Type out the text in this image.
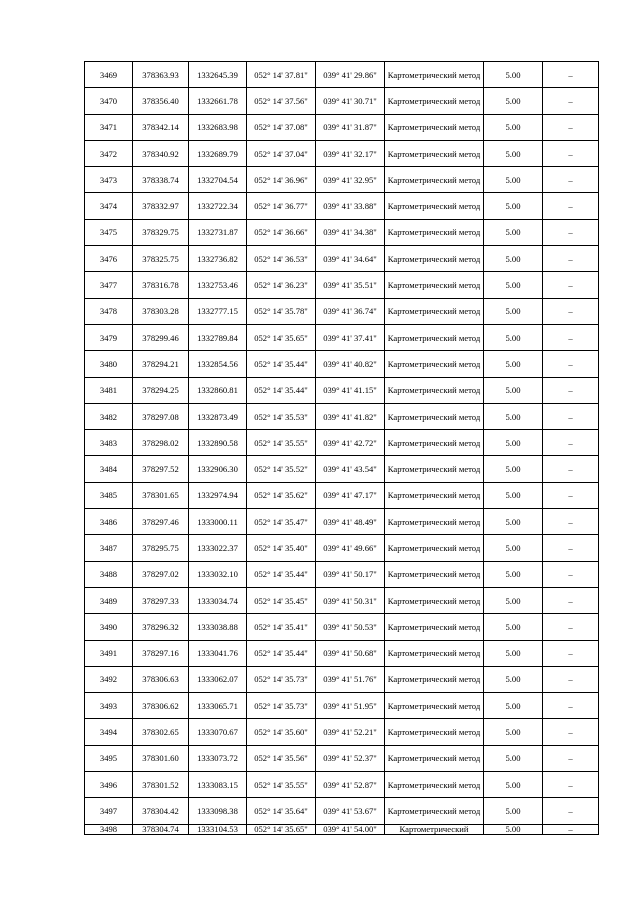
3469	378363.93	1332645.39	052° 14' 37.81"	039° 41' 29.86"	Картометрический метод	5.00	–
3470	378356.40	1332661.78	052° 14' 37.56"	039° 41' 30.71"	Картометрический метод	5.00	–
3471	378342.14	1332683.98	052° 14' 37.08"	039° 41' 31.87"	Картометрический метод	5.00	–
3472	378340.92	1332689.79	052° 14' 37.04"	039° 41' 32.17"	Картометрический метод	5.00	–
3473	378338.74	1332704.54	052° 14' 36.96"	039° 41' 32.95"	Картометрический метод	5.00	–
3474	378332.97	1332722.34	052° 14' 36.77"	039° 41' 33.88"	Картометрический метод	5.00	–
3475	378329.75	1332731.87	052° 14' 36.66"	039° 41' 34.38"	Картометрический метод	5.00	–
3476	378325.75	1332736.82	052° 14' 36.53"	039° 41' 34.64"	Картометрический метод	5.00	–
3477	378316.78	1332753.46	052° 14' 36.23"	039° 41' 35.51"	Картометрический метод	5.00	–
3478	378303.28	1332777.15	052° 14' 35.78"	039° 41' 36.74"	Картометрический метод	5.00	–
3479	378299.46	1332789.84	052° 14' 35.65"	039° 41' 37.41"	Картометрический метод	5.00	–
3480	378294.21	1332854.56	052° 14' 35.44"	039° 41' 40.82"	Картометрический метод	5.00	–
3481	378294.25	1332860.81	052° 14' 35.44"	039° 41' 41.15"	Картометрический метод	5.00	–
3482	378297.08	1332873.49	052° 14' 35.53"	039° 41' 41.82"	Картометрический метод	5.00	–
3483	378298.02	1332890.58	052° 14' 35.55"	039° 41' 42.72"	Картометрический метод	5.00	–
3484	378297.52	1332906.30	052° 14' 35.52"	039° 41' 43.54"	Картометрический метод	5.00	–
3485	378301.65	1332974.94	052° 14' 35.62"	039° 41' 47.17"	Картометрический метод	5.00	–
3486	378297.46	1333000.11	052° 14' 35.47"	039° 41' 48.49"	Картометрический метод	5.00	–
3487	378295.75	1333022.37	052° 14' 35.40"	039° 41' 49.66"	Картометрический метод	5.00	–
3488	378297.02	1333032.10	052° 14' 35.44"	039° 41' 50.17"	Картометрический метод	5.00	–
3489	378297.33	1333034.74	052° 14' 35.45"	039° 41' 50.31"	Картометрический метод	5.00	–
3490	378296.32	1333038.88	052° 14' 35.41"	039° 41' 50.53"	Картометрический метод	5.00	–
3491	378297.16	1333041.76	052° 14' 35.44"	039° 41' 50.68"	Картометрический метод	5.00	–
3492	378306.63	1333062.07	052° 14' 35.73"	039° 41' 51.76"	Картометрический метод	5.00	–
3493	378306.62	1333065.71	052° 14' 35.73"	039° 41' 51.95"	Картометрический метод	5.00	–
3494	378302.65	1333070.67	052° 14' 35.60"	039° 41' 52.21"	Картометрический метод	5.00	–
3495	378301.60	1333073.72	052° 14' 35.56"	039° 41' 52.37"	Картометрический метод	5.00	–
3496	378301.52	1333083.15	052° 14' 35.55"	039° 41' 52.87"	Картометрический метод	5.00	–
3497	378304.42	1333098.38	052° 14' 35.64"	039° 41' 53.67"	Картометрический метод	5.00	–
3498	378304.74	1333104.53	052° 14' 35.65"	039° 41' 54.00"	Картометрический	5.00	–
